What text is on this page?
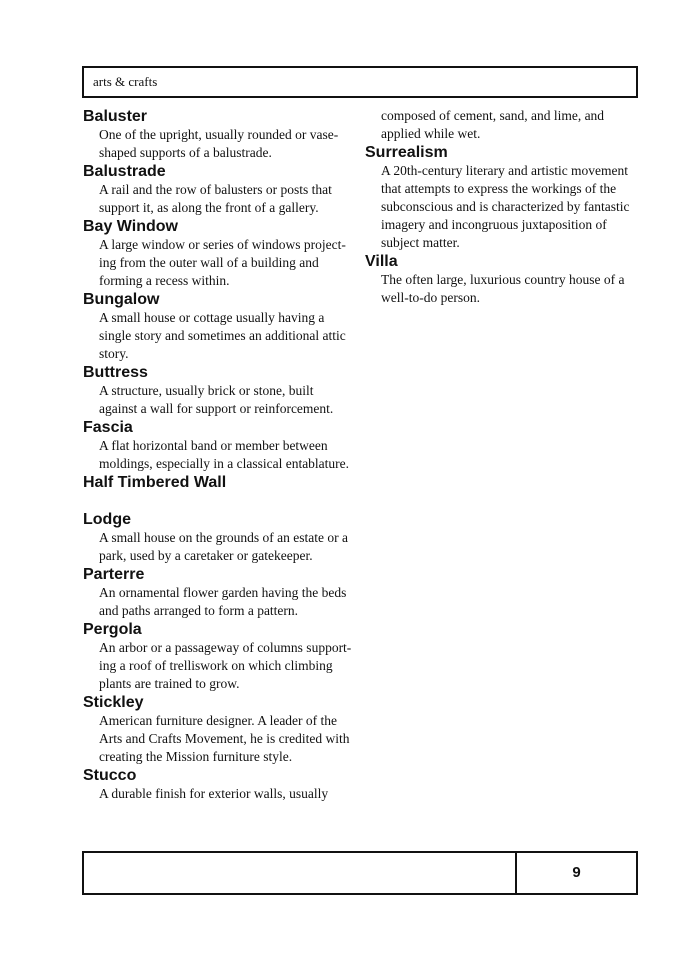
arts & crafts
Baluster
One of the upright, usually rounded or vase-
shaped supports of a balustrade.
Balustrade
A rail and the row of balusters or posts that
support it, as along the front of a gallery.
Bay Window
A large window or series of windows project-
ing from the outer wall of a building and
forming a recess within.
Bungalow
A small house or cottage usually having a
single story and sometimes an additional attic
story.
Buttress
A structure, usually brick or stone, built
against a wall for support or reinforcement.
Fascia
A flat horizontal band or member between
moldings, especially in a classical entablature.
Half Timbered Wall
Lodge
A small house on the grounds of an estate or a
park, used by a caretaker or gatekeeper.
Parterre
An ornamental flower garden having the beds
and paths arranged to form a pattern.
Pergola
An arbor or a passageway of columns support-
ing a roof of trelliswork on which climbing
plants are trained to grow.
Stickley
American furniture designer. A leader of the
Arts and Crafts Movement, he is credited with
creating the Mission furniture style.
Stucco
A durable finish for exterior walls, usually
composed of cement, sand, and lime, and
applied while wet.
Surrealism
A 20th-century literary and artistic movement
that attempts to express the workings of the
subconscious and is characterized by fantastic
imagery and incongruous juxtaposition of
subject matter.
Villa
The often large, luxurious country house of a
well-to-do person.
9
